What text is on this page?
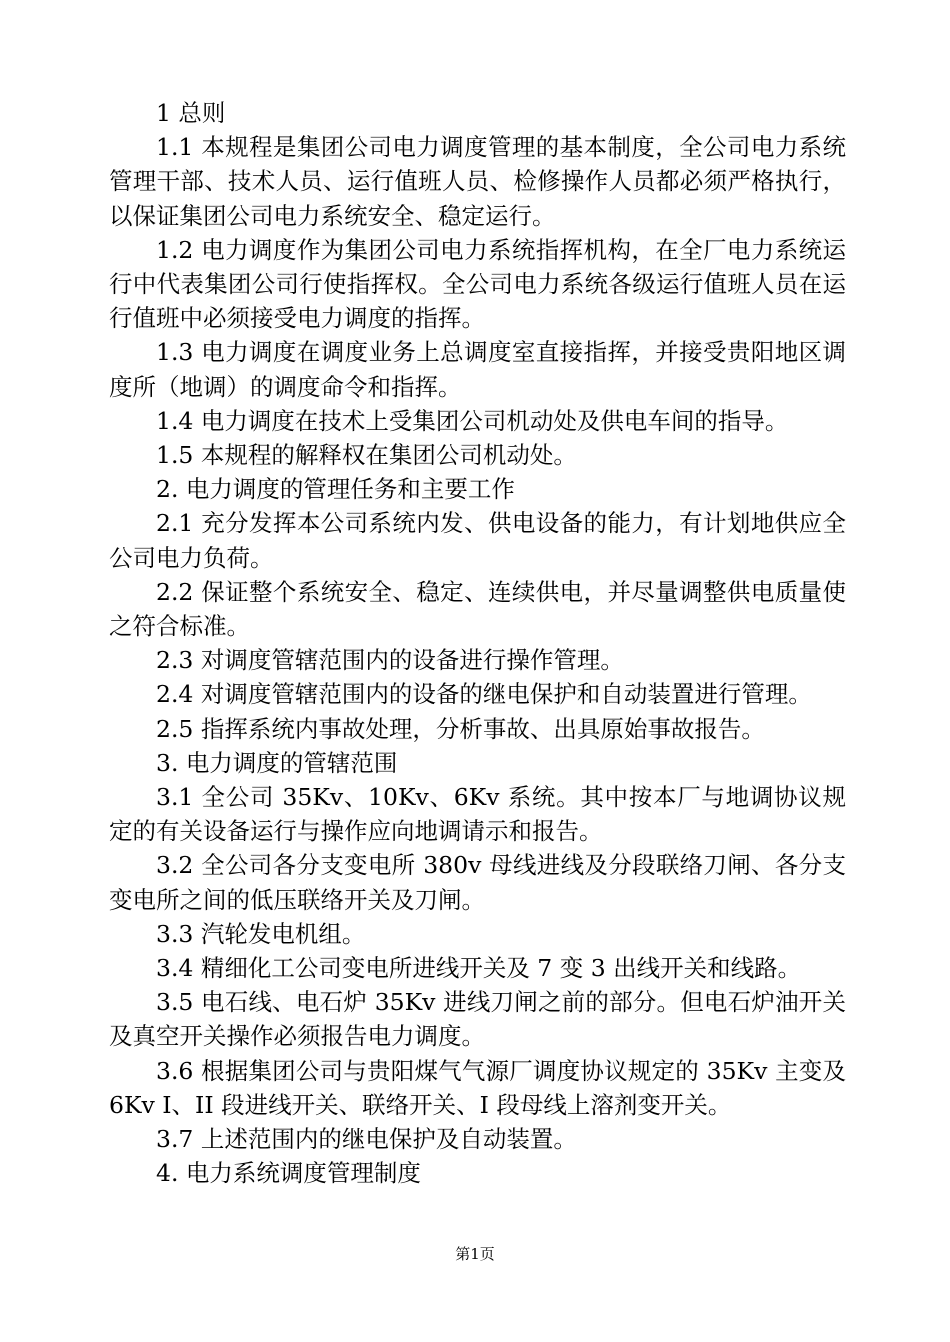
1 总则

1.1 本规程是集团公司电力调度管理的基本制度，全公司电力系统管理干部、技术人员、运行值班人员、检修操作人员都必须严格执行，以保证集团公司电力系统安全、稳定运行。

1.2 电力调度作为集团公司电力系统指挥机构，在全厂电力系统运行中代表集团公司行使指挥权。全公司电力系统各级运行值班人员在运行值班中必须接受电力调度的指挥。

1.3 电力调度在调度业务上总调度室直接指挥，并接受贵阳地区调度所（地调）的调度命令和指挥。

1.4 电力调度在技术上受集团公司机动处及供电车间的指导。

1.5 本规程的解释权在集团公司机动处。

2. 电力调度的管理任务和主要工作

2.1 充分发挥本公司系统内发、供电设备的能力，有计划地供应全公司电力负荷。

2.2 保证整个系统安全、稳定、连续供电，并尽量调整供电质量使之符合标准。

2.3 对调度管辖范围内的设备进行操作管理。

2.4 对调度管辖范围内的设备的继电保护和自动装置进行管理。

2.5 指挥系统内事故处理，分析事故、出具原始事故报告。

3. 电力调度的管辖范围

3.1 全公司 35Kv、10Kv、6Kv 系统。其中按本厂与地调协议规定的有关设备运行与操作应向地调请示和报告。

3.2 全公司各分支变电所 380v 母线进线及分段联络刀闸、各分支变电所之间的低压联络开关及刀闸。

3.3 汽轮发电机组。

3.4 精细化工公司变电所进线开关及 7 变 3 出线开关和线路。

3.5 电石线、电石炉 35Kv 进线刀闸之前的部分。但电石炉油开关及真空开关操作必须报告电力调度。

3.6 根据集团公司与贵阳煤气气源厂调度协议规定的 35Kv 主变及 6Kv I、II 段进线开关、联络开关、I 段母线上溶剂变开关。

3.7 上述范围内的继电保护及自动装置。

4. 电力系统调度管理制度

第1页
